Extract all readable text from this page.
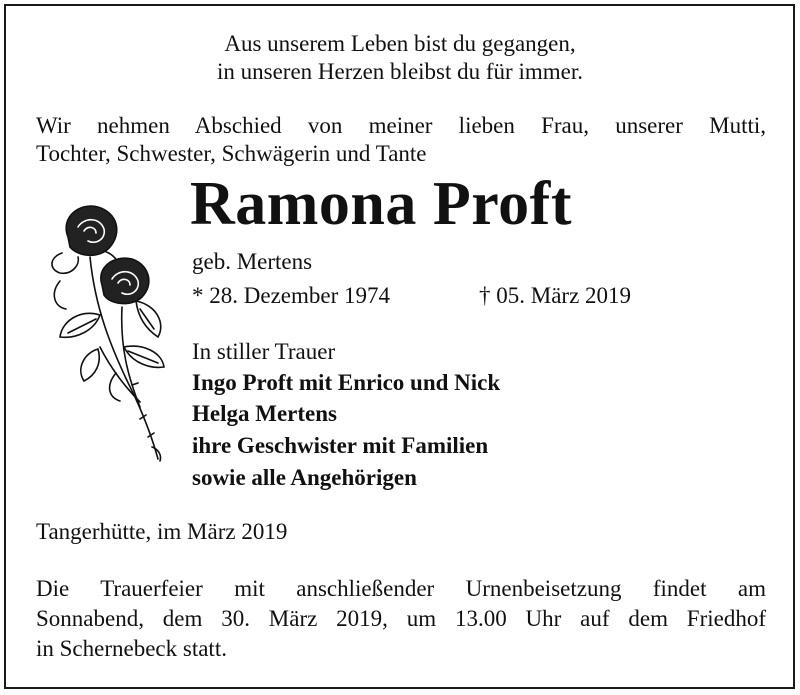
Aus unserem Leben bist du gegangen,
in unseren Herzen bleibst du für immer.
Wir nehmen Abschied von meiner lieben Frau, unserer Mutti,
Tochter, Schwester, Schwägerin und Tante
Ramona Proft
geb. Mertens
* 28. Dezember 1974	† 05. März 2019
In stiller Trauer
Ingo Proft mit Enrico und Nick
Helga Mertens
ihre Geschwister mit Familien
sowie alle Angehörigen
Tangerhütte, im März 2019
Die Trauerfeier mit anschließender Urnenbeisetzung findet am
Sonnabend, dem 30. März 2019, um 13.00 Uhr auf dem Friedhof
in Schernebeck statt.
